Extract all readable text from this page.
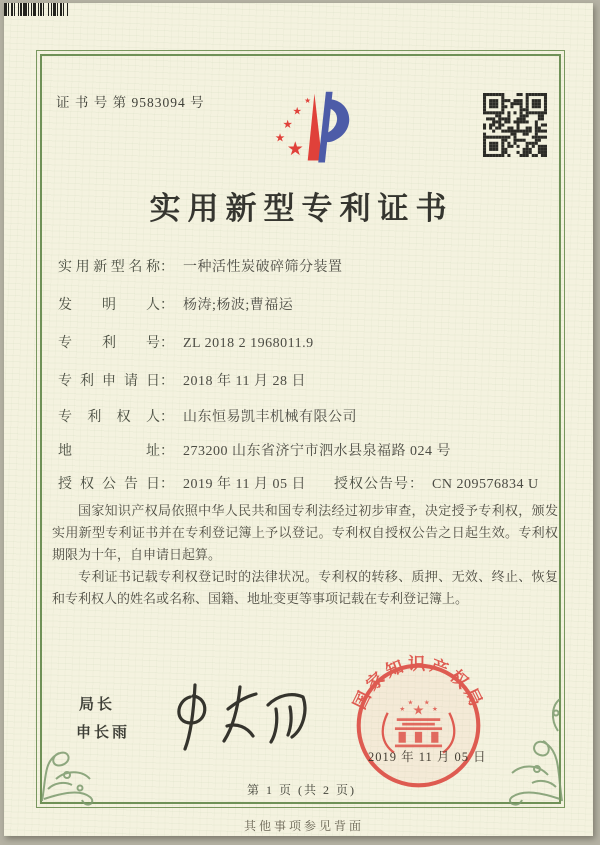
证 书 号 第 9583094 号	★
★
★
★
★
实用新型专利证书
实用新型名称： 一种活性炭破碎筛分装置
发明人： 杨涛;杨波;曹福运
专利号： ZL 2018 2 1968011.9
专利申请日： 2018 年 11 月 28 日
专利权人： 山东恒易凯丰机械有限公司
地址： 273200 山东省济宁市泗水县泉福路 024 号
授权公告日： 2019 年 11 月 05 日 授权公告号： CN 209576834 U

国家知识产权局依照中华人民共和国专利法经过初步审查，决定授予专利权，颁发实用新型专利证书并在专利登记簿上予以登记。专利权自授权公告之日起生效。专利权期限为十年，自申请日起算。

专利证书记载专利权登记时的法律状况。专利权的转移、质押、无效、终止、恢复和专利权人的姓名或名称、国籍、地址变更等事项记载在专利登记簿上。

局长
申长雨
国家知识产权局
★
★
★ ★
★
2019 年 11 月 05 日
第 1 页 (共 2 页)
其他事项参见背面
